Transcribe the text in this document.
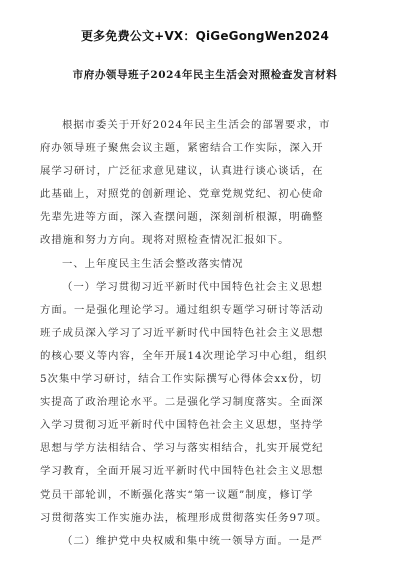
更多免费公文+VX：QiGeGongWen2024
市府办领导班子2024年民主生活会对照检查发言材料
根据市委关于开好2024年民主生活会的部署要求，市
府办领导班子聚焦会议主题，紧密结合工作实际，深入开
展学习研讨，广泛征求意见建议，认真进行谈心谈话，在
此基础上，对照党的创新理论、党章党规党纪、初心使命
先辈先进等方面，深入查摆问题，深刻剖析根源，明确整
改措施和努力方向。现将对照检查情况汇报如下。
一、上年度民主生活会整改落实情况
（一）学习贯彻习近平新时代中国特色社会主义思想
方面。一是强化理论学习。通过组织专题学习研讨等活动
班子成员深入学习了习近平新时代中国特色社会主义思想
的核心要义等内容，全年开展14次理论学习中心组，组织
5次集中学习研讨，结合工作实际撰写心得体会xx份，切
实提高了政治理论水平。二是强化学习制度落实。全面深
入学习贯彻习近平新时代中国特色社会主义思想，坚持学
思想与学方法相结合、学习与落实相结合，扎实开展党纪
学习教育，全面开展习近平新时代中国特色社会主义思想
党员干部轮训，不断强化落实“第一议题”制度，修订学
习贯彻落实工作实施办法，梳理形成贯彻落实任务97项。
（二）维护党中央权威和集中统一领导方面。一是严
